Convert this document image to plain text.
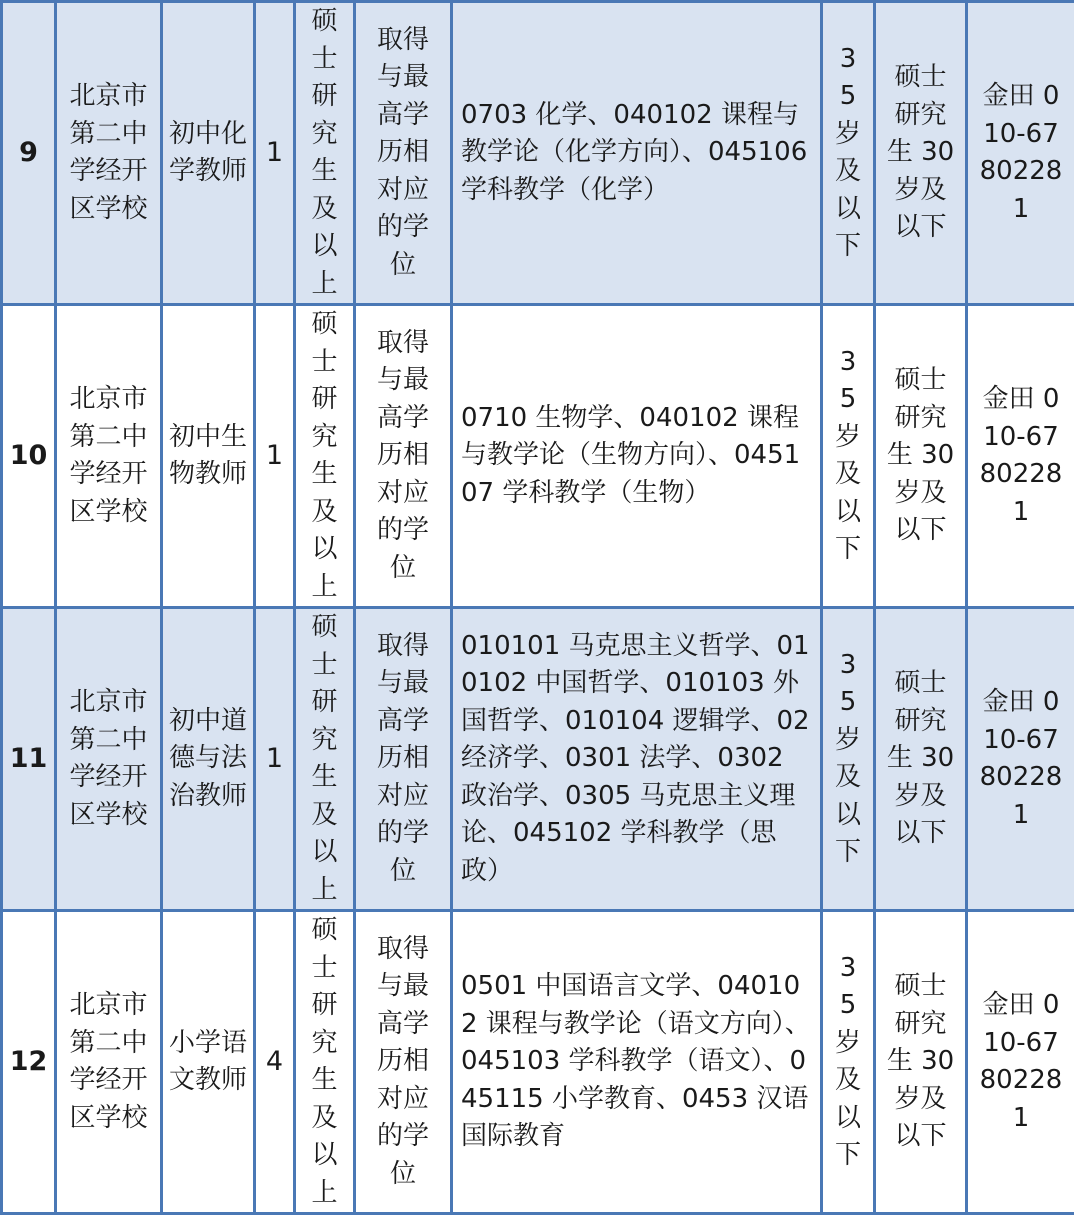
9	北京市第二中学经开区学校	初中化学教师	1	硕士研究生及以上	取得与最高学历相对应的学位	0703 化学、040102 课程与教学论（化学方向）、045106 学科教学（化学）	35岁及以下	硕士研究生 30 岁及以下	金田 010-67802281
10	北京市第二中学经开区学校	初中生物教师	1	硕士研究生及以上	取得与最高学历相对应的学位	0710 生物学、040102 课程与教学论（生物方向）、045107 学科教学（生物）	35岁及以下	硕士研究生 30 岁及以下	金田 010-67802281
11	北京市第二中学经开区学校	初中道德与法治教师	1	硕士研究生及以上	取得与最高学历相对应的学位	010101 马克思主义哲学、010102 中国哲学、010103 外国哲学、010104 逻辑学、02 经济学、0301 法学、0302 政治学、0305 马克思主义理论、045102 学科教学（思政）	35岁及以下	硕士研究生 30 岁及以下	金田 010-67802281
12	北京市第二中学经开区学校	小学语文教师	4	硕士研究生及以上	取得与最高学历相对应的学位	0501 中国语言文学、040102 课程与教学论（语文方向）、045103 学科教学（语文）、045115 小学教育、0453 汉语国际教育	35岁及以下	硕士研究生 30 岁及以下	金田 010-67802281
